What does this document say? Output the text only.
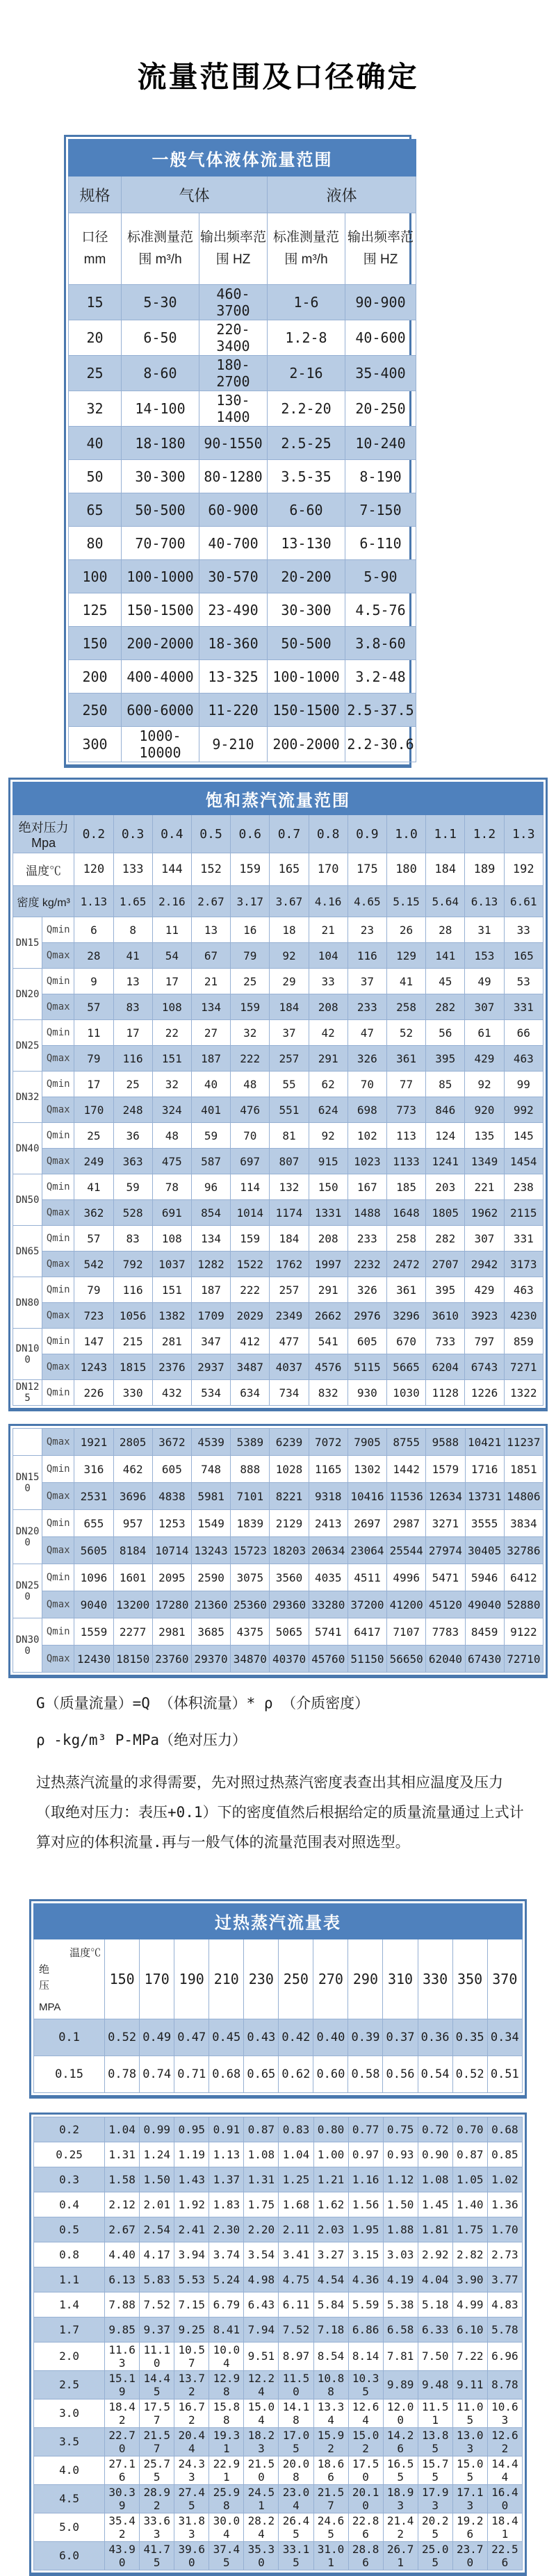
流量范围及口径确定
一般气体液体流量范围				
规格	气体		液体	
口径 mm	标准测量范围 m³/h	输出频率范围 HZ	标准测量范围 m³/h	输出频率范围 HZ
15	5-30	460-3700	1-6	90-900
20	6-50	220-3400	1.2-8	40-600
25	8-60	180-2700	2-16	35-400
32	14-100	130-1400	2.2-20	20-250
40	18-180	90-1550	2.5-25	10-240
50	30-300	80-1280	3.5-35	8-190
65	50-500	60-900	6-60	7-150
80	70-700	40-700	13-130	6-110
100	100-1000	30-570	20-200	5-90
125	150-1500	23-490	30-300	4.5-76
150	200-2000	18-360	50-500	3.8-60
200	400-4000	13-325	100-1000	3.2-48
250	600-6000	11-220	150-1500	2.5-37.5
300	1000-10000	9-210	200-2000	2.2-30.6
饱和蒸汽流量范围													
绝对压力 Mpa		0.2	0.3	0.4	0.5	0.6	0.7	0.8	0.9	1.0	1.1	1.2	1.3
温度℃		120	133	144	152	159	165	170	175	180	184	189	192
密度 kg/m³		1.13	1.65	2.16	2.67	3.17	3.67	4.16	4.65	5.15	5.64	6.13	6.61
DN15	Qmin	6	8	11	13	16	18	21	23	26	28	31	33
	Qmax	28	41	54	67	79	92	104	116	129	141	153	165
DN20	Qmin	9	13	17	21	25	29	33	37	41	45	49	53
	Qmax	57	83	108	134	159	184	208	233	258	282	307	331
DN25	Qmin	11	17	22	27	32	37	42	47	52	56	61	66
	Qmax	79	116	151	187	222	257	291	326	361	395	429	463
DN32	Qmin	17	25	32	40	48	55	62	70	77	85	92	99
	Qmax	170	248	324	401	476	551	624	698	773	846	920	992
DN40	Qmin	25	36	48	59	70	81	92	102	113	124	135	145
	Qmax	249	363	475	587	697	807	915	1023	1133	1241	1349	1454
DN50	Qmin	41	59	78	96	114	132	150	167	185	203	221	238
	Qmax	362	528	691	854	1014	1174	1331	1488	1648	1805	1962	2115
DN65	Qmin	57	83	108	134	159	184	208	233	258	282	307	331
	Qmax	542	792	1037	1282	1522	1762	1997	2232	2472	2707	2942	3173
DN80	Qmin	79	116	151	187	222	257	291	326	361	395	429	463
	Qmax	723	1056	1382	1709	2029	2349	2662	2976	3296	3610	3923	4230
DN100	Qmin	147	215	281	347	412	477	541	605	670	733	797	859
	Qmax	1243	1815	2376	2937	3487	4037	4576	5115	5665	6204	6743	7271
DN125	Qmin	226	330	432	534	634	734	832	930	1030	1128	1226	1322
	Qmax	1921	2805	3672	4539	5389	6239	7072	7905	8755	9588	10421	11237
DN150	Qmin	316	462	605	748	888	1028	1165	1302	1442	1579	1716	1851
	Qmax	2531	3696	4838	5981	7101	8221	9318	10416	11536	12634	13731	14806
DN200	Qmin	655	957	1253	1549	1839	2129	2413	2697	2987	3271	3555	3834
	Qmax	5605	8184	10714	13243	15723	18203	20634	23064	25544	27974	30405	32786
DN250	Qmin	1096	1601	2095	2590	3075	3560	4035	4511	4996	5471	5946	6412
	Qmax	9040	13200	17280	21360	25360	29360	33280	37200	41200	45120	49040	52880
DN300	Qmin	1559	2277	2981	3685	4375	5065	5741	6417	7107	7783	8459	9122
	Qmax	12430	18150	23760	29370	34870	40370	45760	51150	56650	62040	67430	72710

G（质量流量）=Q （体积流量）* ρ （介质密度）

ρ -kg/m³ P-MPa（绝对压力）

过热蒸汽流量的求得需要，先对照过热蒸汽密度表查出其相应温度及压力（取绝对压力：表压+0.1）下的密度值然后根据给定的质量流量通过上式计算对应的体积流量.再与一般气体的流量范围表对照选型。

过热蒸汽流量表												

温度℃
绝压
MPA	150	170	190	210	230	250	270	290	310	330	350	370
0.1	0.52	0.49	0.47	0.45	0.43	0.42	0.40	0.39	0.37	0.36	0.35	0.34
0.15	0.78	0.74	0.71	0.68	0.65	0.62	0.60	0.58	0.56	0.54	0.52	0.51
0.2	1.04	0.99	0.95	0.91	0.87	0.83	0.80	0.77	0.75	0.72	0.70	0.68
0.25	1.31	1.24	1.19	1.13	1.08	1.04	1.00	0.97	0.93	0.90	0.87	0.85
0.3	1.58	1.50	1.43	1.37	1.31	1.25	1.21	1.16	1.12	1.08	1.05	1.02
0.4	2.12	2.01	1.92	1.83	1.75	1.68	1.62	1.56	1.50	1.45	1.40	1.36
0.5	2.67	2.54	2.41	2.30	2.20	2.11	2.03	1.95	1.88	1.81	1.75	1.70
0.8	4.40	4.17	3.94	3.74	3.54	3.41	3.27	3.15	3.03	2.92	2.82	2.73
1.1	6.13	5.83	5.53	5.24	4.98	4.75	4.54	4.36	4.19	4.04	3.90	3.77
1.4	7.88	7.52	7.15	6.79	6.43	6.11	5.84	5.59	5.38	5.18	4.99	4.83
1.7	9.85	9.37	9.25	8.41	7.94	7.52	7.18	6.86	6.58	6.33	6.10	5.78
2.0	11.63	11.10	10.57	10.04	9.51	8.97	8.54	8.14	7.81	7.50	7.22	6.96
2.5	15.19	14.45	13.72	12.98	12.24	11.50	10.88	10.35	9.89	9.48	9.11	8.78
3.0	18.42	17.57	16.72	15.88	15.04	14.18	13.34	12.64	12.00	11.51	11.05	10.63
3.5	22.70	21.57	20.44	19.31	18.23	17.05	15.92	15.02	14.26	13.85	13.03	12.62
4.0	27.16	25.75	24.33	22.91	21.50	20.08	18.66	17.50	16.55	15.75	15.05	14.44
4.5	30.39	28.92	27.45	25.98	24.51	23.04	21.57	20.10	18.93	17.93	17.13	16.40
5.0	35.42	33.63	31.83	30.04	28.24	26.45	24.65	22.86	21.42	20.25	19.26	18.41
6.0	43.90	41.75	39.60	37.45	35.30	33.15	31.01	28.86	26.71	25.05	23.70	22.56
